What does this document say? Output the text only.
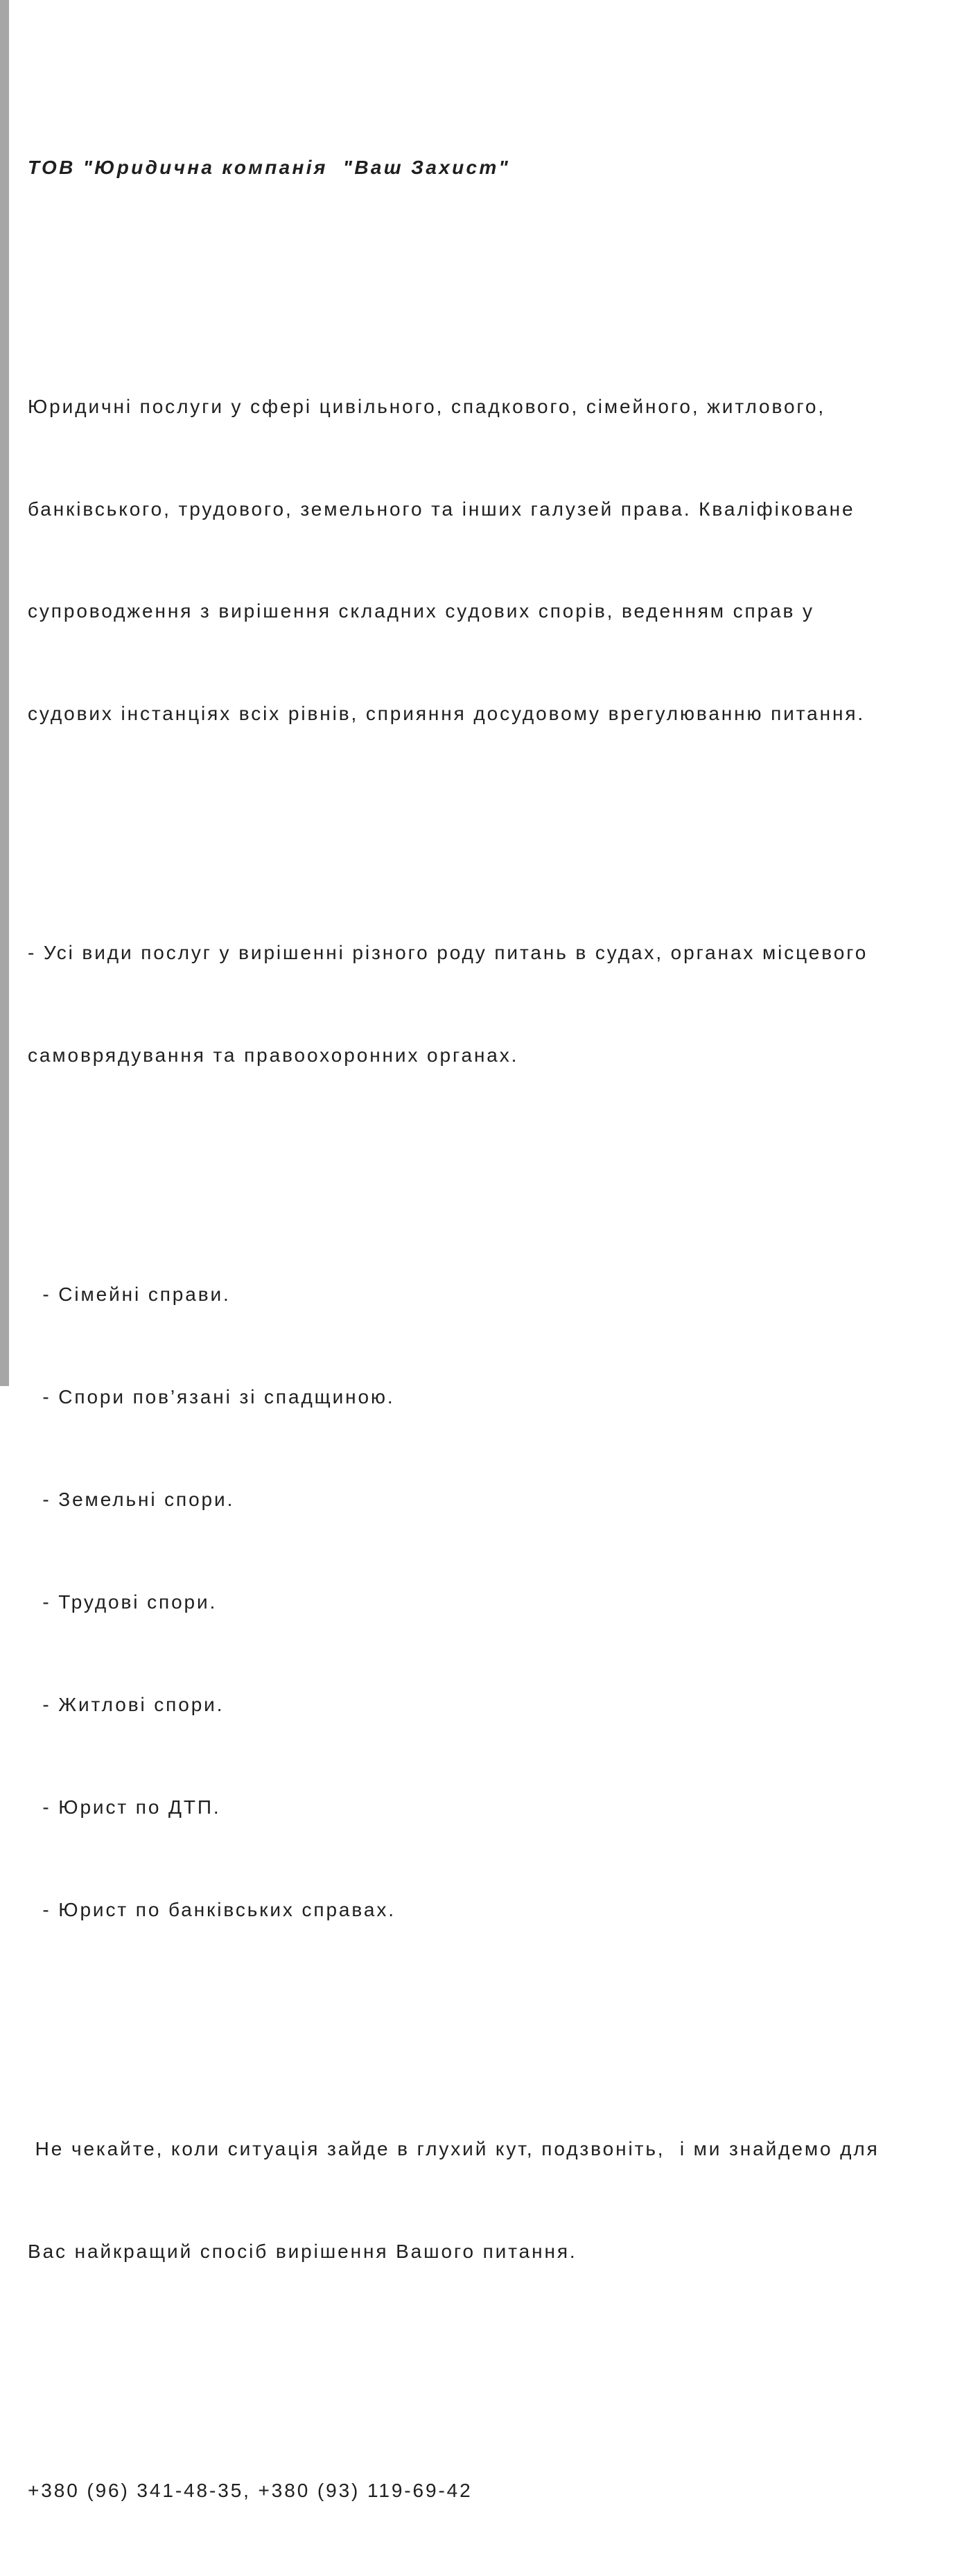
ТОВ "Юридична компанія  "Ваш Захист"

Юридичні послуги у сфері цивільного, спадкового, сімейного, житлового,

банківського, трудового, земельного та інших галузей права. Кваліфіковане

супроводження з вирішення складних судових спорів, веденням справ у

судових інстанціях всіх рівнів, сприяння досудовому врегулюванню питання.

- Усі види послуг у вирішенні різного роду питань в судах, органах місцевого

самоврядування та правоохоронних органах.

- Сімейні справи.

- Спори пов’язані зі спадщиною.

- Земельні спори.

- Трудові спори.

- Житлові спори.

- Юрист по ДТП.

- Юрист по банківських справах.

Не чекайте, коли ситуація зайде в глухий кут, подзвоніть,  і ми знайдемо для

Вас найкращий спосіб вирішення Вашого питання.

+380 (96) 341-48-35, +380 (93) 119-69-42
